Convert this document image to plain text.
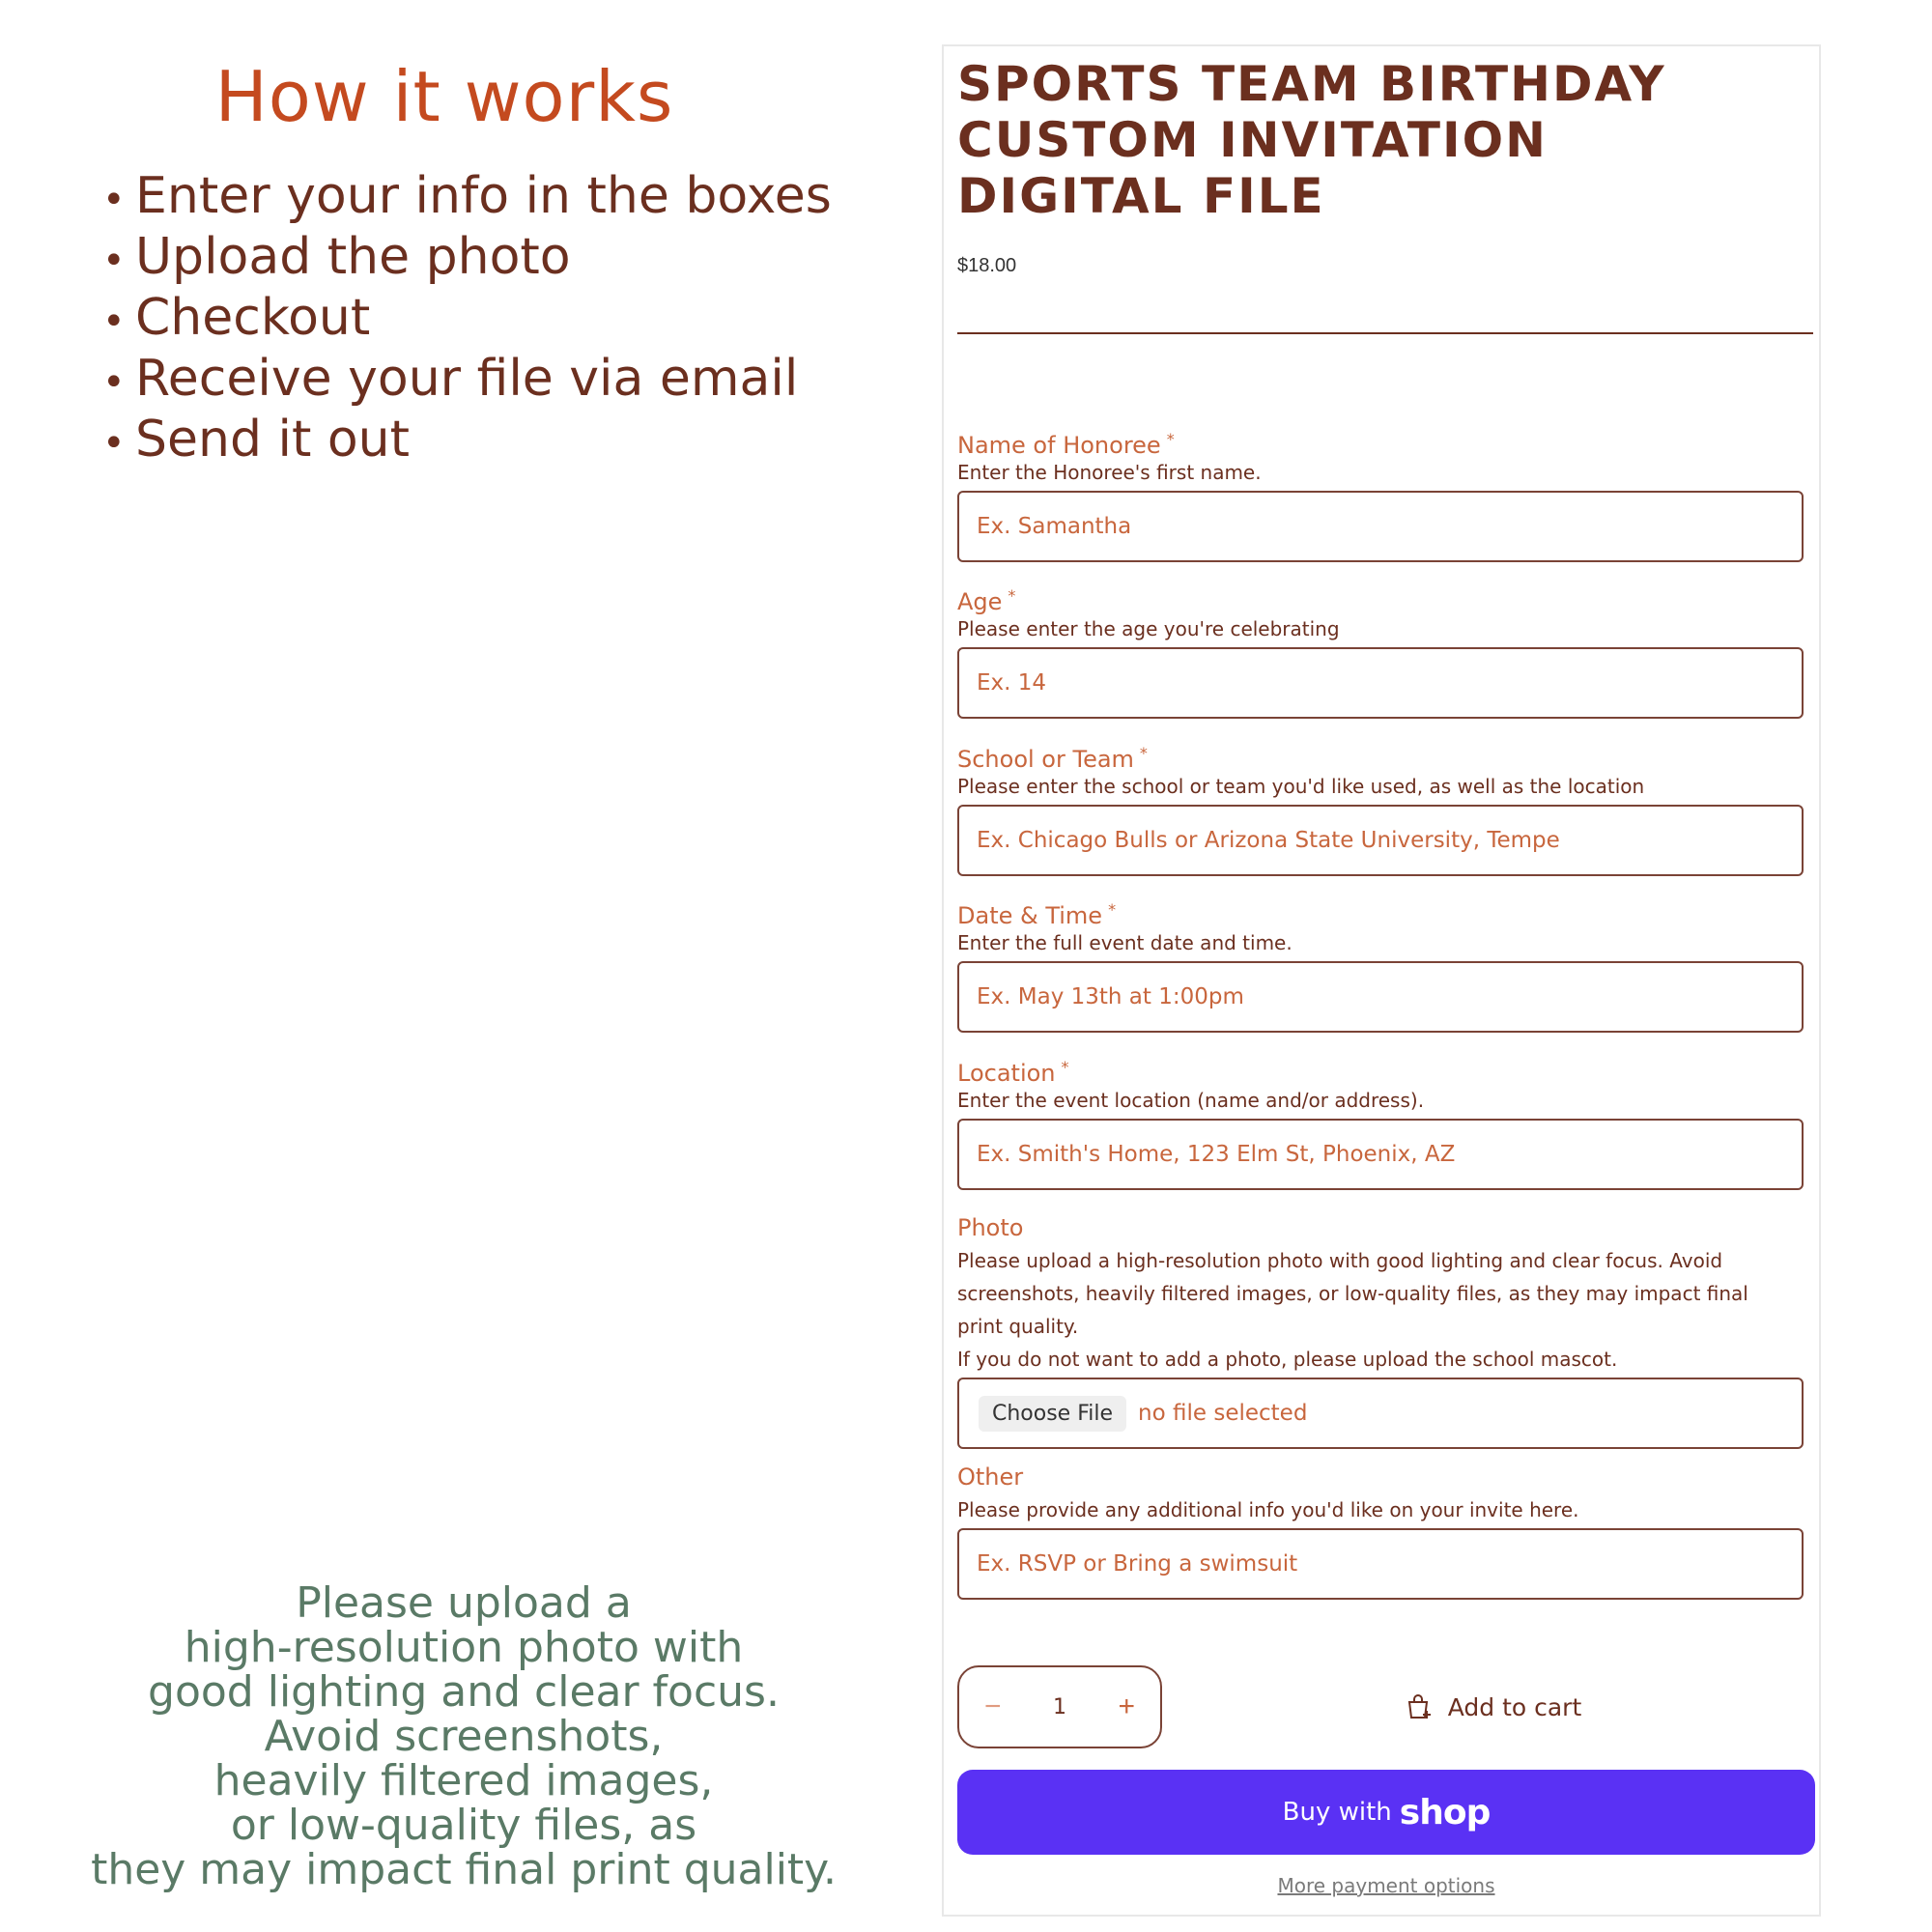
How it works
• Enter your info in the boxes
• Upload the photo
• Checkout
• Receive your file via email
• Send it out
Please upload a
high-resolution photo with
good lighting and clear focus.
Avoid screenshots,
heavily filtered images,
or low-quality files, as
they may impact final print quality.
SPORTS TEAM BIRTHDAY
CUSTOM INVITATION
DIGITAL FILE
$18.00
Name of Honoree *
Enter the Honoree's first name.
Ex. Samantha
Age *
Please enter the age you're celebrating
Ex. 14
School or Team *
Please enter the school or team you'd like used, as well as the location
Ex. Chicago Bulls or Arizona State University, Tempe
Date & Time *
Enter the full event date and time.
Ex. May 13th at 1:00pm
Location *
Enter the event location (name and/or address).
Ex. Smith's Home, 123 Elm St, Phoenix, AZ
Photo
Please upload a high-resolution photo with good lighting and clear focus. Avoid
screenshots, heavily filtered images, or low-quality files, as they may impact final
print quality.
If you do not want to add a photo, please upload the school mascot.
Choose File	no file selected
Other
Please provide any additional info you'd like on your invite here.
Ex. RSVP or Bring a swimsuit
− 1 +	Add to cart
Buy with shop
More payment options
